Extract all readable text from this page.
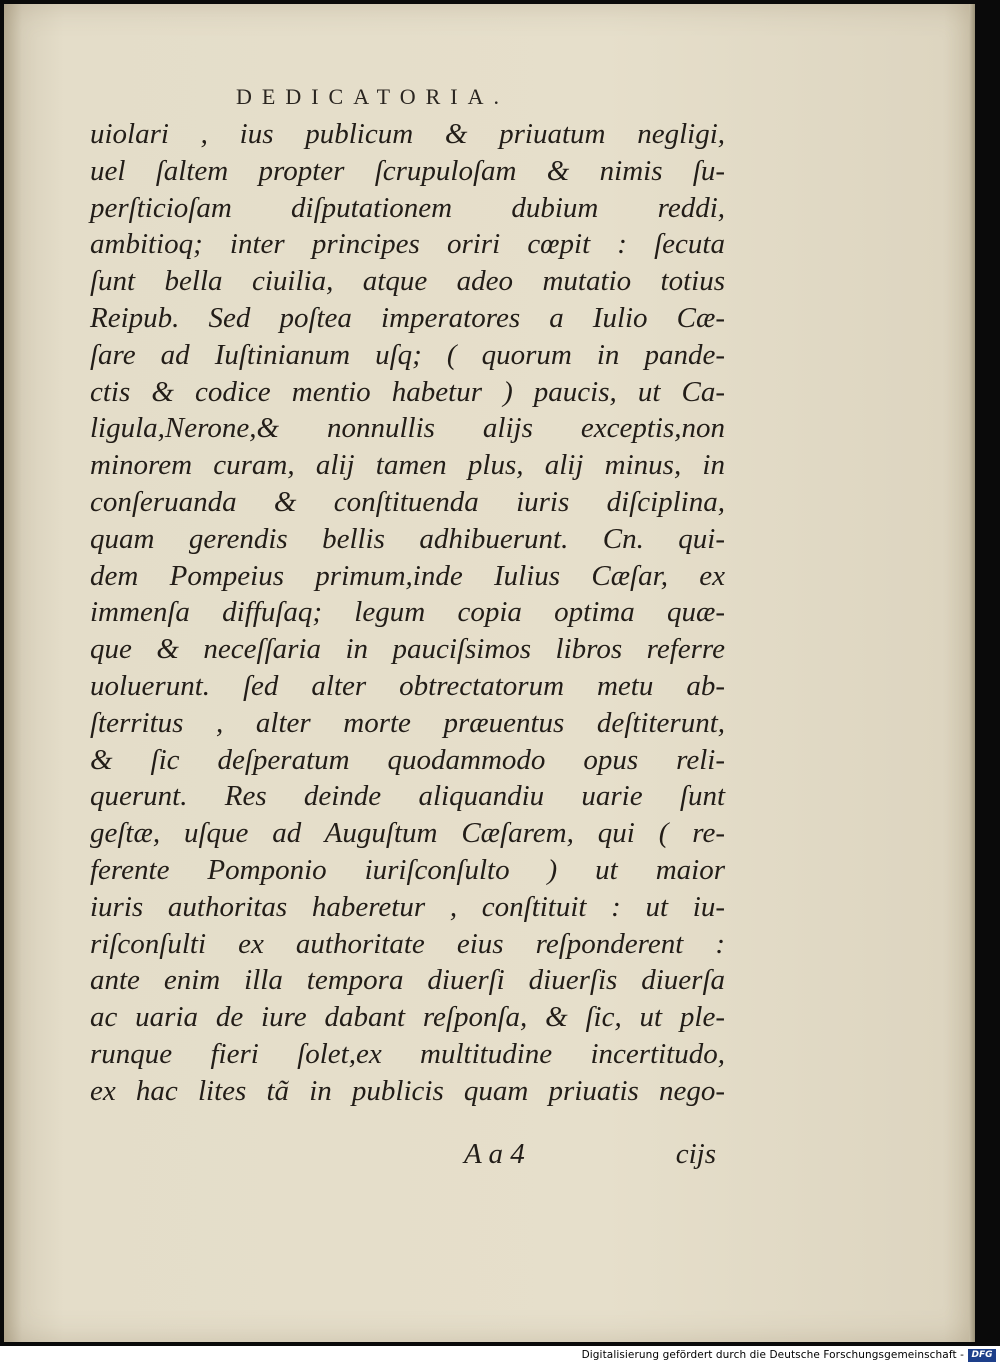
DEDICATORIA.
uiolari , ius publicum & priuatum negligi,
uel ſaltem propter ſcrupuloſam & nimis ſu-
perſticioſam diſputationem dubium reddi,
ambitioq; inter principes oriri cœpit : ſecuta
ſunt bella ciuilia, atque adeo mutatio totius
Reipub. Sed poſtea imperatores a Iulio Cæ-
ſare ad Iuſtinianum uſq; ( quorum in pande-
ctis & codice mentio habetur ) paucis, ut Ca-
ligula,Nerone,& nonnullis alijs exceptis,non
minorem curam, alij tamen plus, alij minus, in
conſeruanda & conſtituenda iuris diſciplina,
quam gerendis bellis adhibuerunt. Cn. qui-
dem Pompeius primum,inde Iulius Cæſar, ex
immenſa diffuſaq; legum copia optima quæ-
que & neceſſaria in pauciſsimos libros referre
uoluerunt. ſed alter obtrectatorum metu ab-
ſterritus , alter morte præuentus deſtiterunt,
& ſic deſperatum quodammodo opus reli-
querunt. Res deinde aliquandiu uarie ſunt
geſtæ, uſque ad Auguſtum Cæſarem, qui ( re-
ferente Pomponio iuriſconſulto ) ut maior
iuris authoritas haberetur , conſtituit : ut iu-
riſconſulti ex authoritate eius reſponderent :
ante enim illa tempora diuerſi diuerſis diuerſa
ac uaria de iure dabant reſponſa, & ſic, ut ple-
runque fieri ſolet,ex multitudine incertitudo,
ex hac lites tã in publicis quam priuatis nego-
A a 4	cijs
Digitalisierung gefördert durch die Deutsche Forschungsgemeinschaft - DFG
